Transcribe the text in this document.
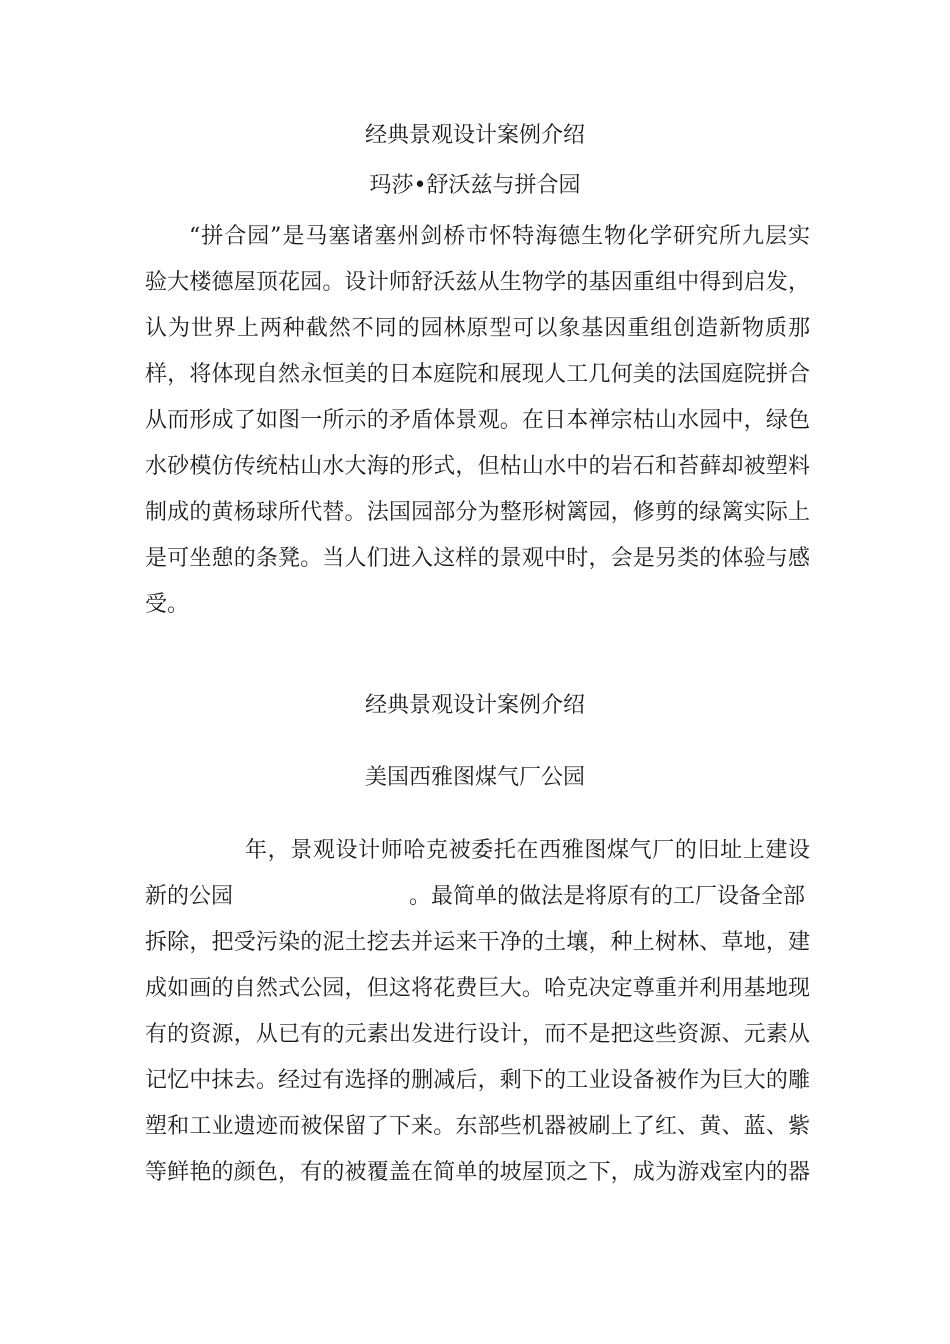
经典景观设计案例介绍
玛莎•舒沃兹与拼合园
“拼合园”是马塞诸塞州剑桥市怀特海德生物化学研究所九层实
验大楼德屋顶花园。设计师舒沃兹从生物学的基因重组中得到启发，
认为世界上两种截然不同的园林原型可以象基因重组创造新物质那
样，将体现自然永恒美的日本庭院和展现人工几何美的法国庭院拼合
从而形成了如图一所示的矛盾体景观。在日本禅宗枯山水园中，绿色
水砂模仿传统枯山水大海的形式，但枯山水中的岩石和苔藓却被塑料
制成的黄杨球所代替。法国园部分为整形树篱园，修剪的绿篱实际上
是可坐憩的条凳。当人们进入这样的景观中时，会是另类的体验与感
受。
经典景观设计案例介绍
美国西雅图煤气厂公园
年，景观设计师哈克被委托在西雅图煤气厂的旧址上建设
新的公园	。最简单的做法是将原有的工厂设备全部
拆除，把受污染的泥土挖去并运来干净的土壤，种上树林、草地，建
成如画的自然式公园，但这将花费巨大。哈克决定尊重并利用基地现
有的资源，从已有的元素出发进行设计，而不是把这些资源、元素从
记忆中抹去。经过有选择的删减后，剩下的工业设备被作为巨大的雕
塑和工业遗迹而被保留了下来。东部些机器被刷上了红、黄、蓝、紫
等鲜艳的颜色，有的被覆盖在简单的坡屋顶之下，成为游戏室内的器
